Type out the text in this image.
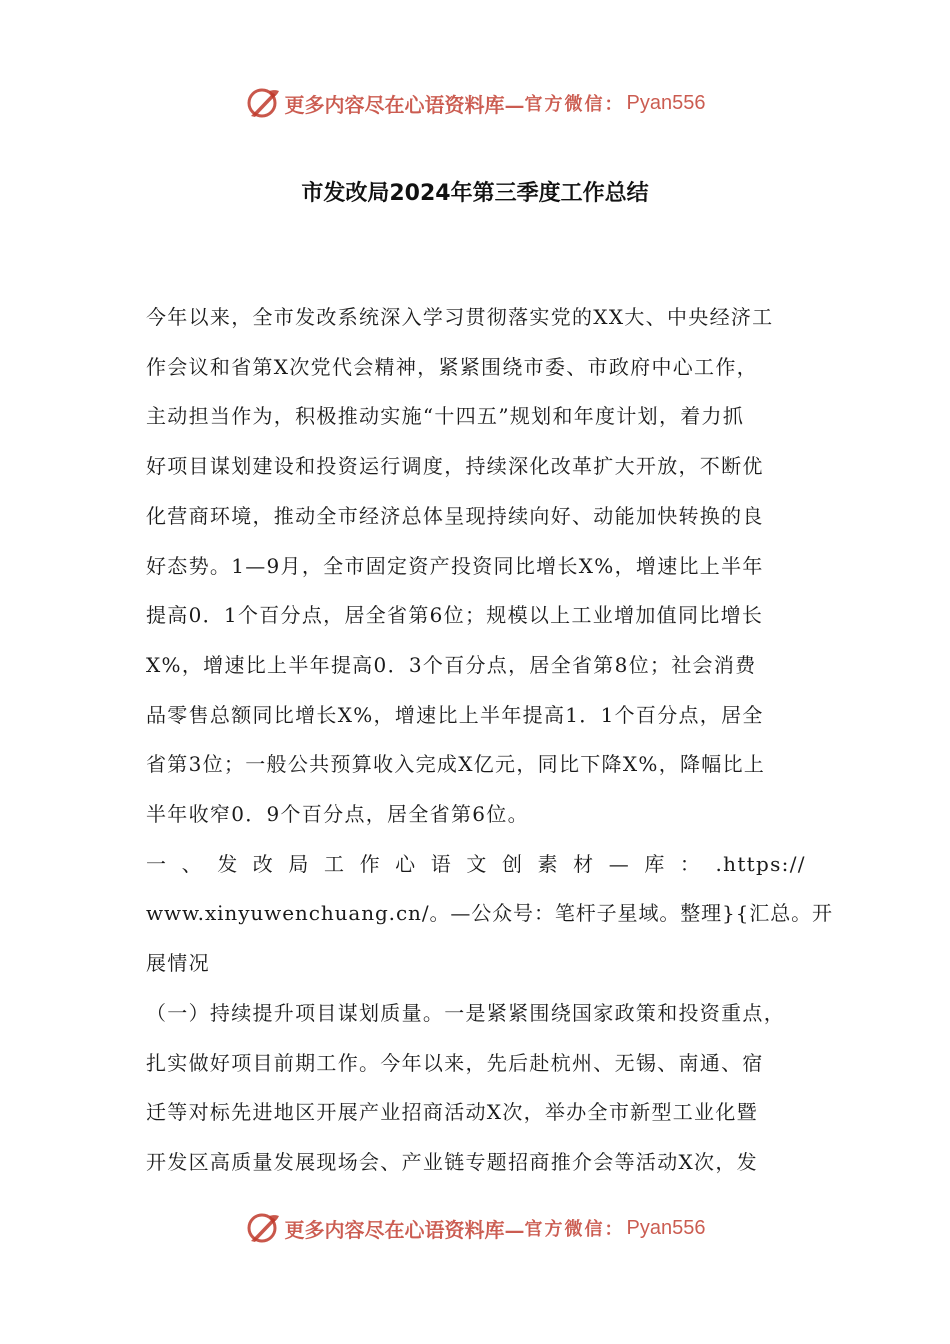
更多内容尽在心语资料库— 官方微信： Pyan556
市发改局2024年第三季度工作总结

今年以来，全市发改系统深入学习贯彻落实党的XX大、中央经济工
作会议和省第X次党代会精神，紧紧围绕市委、市政府中心工作，
主动担当作为，积极推动实施“十四五”规划和年度计划，着力抓
好项目谋划建设和投资运行调度，持续深化改革扩大开放，不断优
化营商环境，推动全市经济总体呈现持续向好、动能加快转换的良
好态势。1—9月，全市固定资产投资同比增长X%，增速比上半年
提高0．1个百分点，居全省第6位；规模以上工业增加值同比增长
X%，增速比上半年提高0．3个百分点，居全省第8位；社会消费
品零售总额同比增长X%，增速比上半年提高1．1个百分点，居全
省第3位；一般公共预算收入完成X亿元，同比下降X%，降幅比上
半年收窄0．9个百分点，居全省第6位。

一 、 发 改 局 工 作 心 语 文 创 素 材 — 库 ： .https://
www.xinyuwenchuang.cn/。—公众号：笔杆子星域。整理}{汇总。开
展情况

（一）持续提升项目谋划质量。一是紧紧围绕国家政策和投资重点，
扎实做好项目前期工作。今年以来，先后赴杭州、无锡、南通、宿
迁等对标先进地区开展产业招商活动X次，举办全市新型工业化暨
开发区高质量发展现场会、产业链专题招商推介会等活动X次，发

更多内容尽在心语资料库— 官方微信： Pyan556
